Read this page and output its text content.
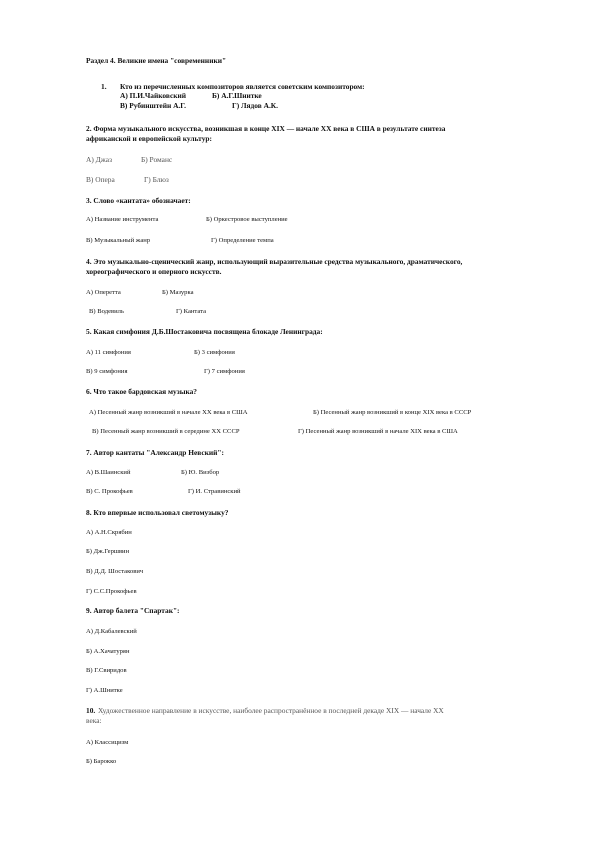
Раздел 4. Великие имена "современники"
1. Кто из перечисленных композиторов является советским композитором:
А) П.И.Чайковский	Б) А.Г.Шнитке
В) Рубинштейн А.Г.	Г) Лядов А.К.
2. Форма музыкального искусства, возникшая в конце XIX — начале XX века в США в результате синтеза
африканской и европейской культур:
А) Джаз	Б) Романс
В) Опера	Г) Блюз
3. Слово «кантата» обозначает:
А) Название инструмента	Б) Оркестровое выступление
В) Музыкальный жанр	Г) Определение темпа
4. Это музыкально-сценический жанр, использующий выразительные средства музыкального, драматического,
хореографического и оперного искусств.
А) Оперетта	Б) Мазурка
В) Водевиль	Г) Кантата
5. Какая симфония Д.Б.Шостаковича посвящена блокаде Ленинграда:
А) 11 симфония	Б) 3 симфония
В) 9 симфония	Г) 7 симфония
6. Что такое бардовская музыка?
А) Песенный жанр возникший в начале XX века в США	Б) Песенный жанр возникший в конце XIX века в СССР
В) Песенный жанр возникший в середине XX СССР	Г) Песенный жанр возникший в начале XIX века в США
7. Автор кантаты "Александр Невский":
А) В.Шаинский	Б) Ю. Визбор
В) С. Прокофьев	Г) И. Стравинский
8. Кто впервые использовал светомузыку?
А) А.Н.Скрябин
Б) Дж.Гершвин
В) Д.Д. Шостакович
Г) С.С.Прокофьев
9. Автор балета "Спартак":
А) Д.Кабалевский
Б) А.Хачатурян
В) Г.Свиридов
Г) А.Шнитке
10. Художественное направление в искусстве, наиболее распространённое в последней декаде XIX — начале XX
века:
А) Классицизм
Б) Барокко
